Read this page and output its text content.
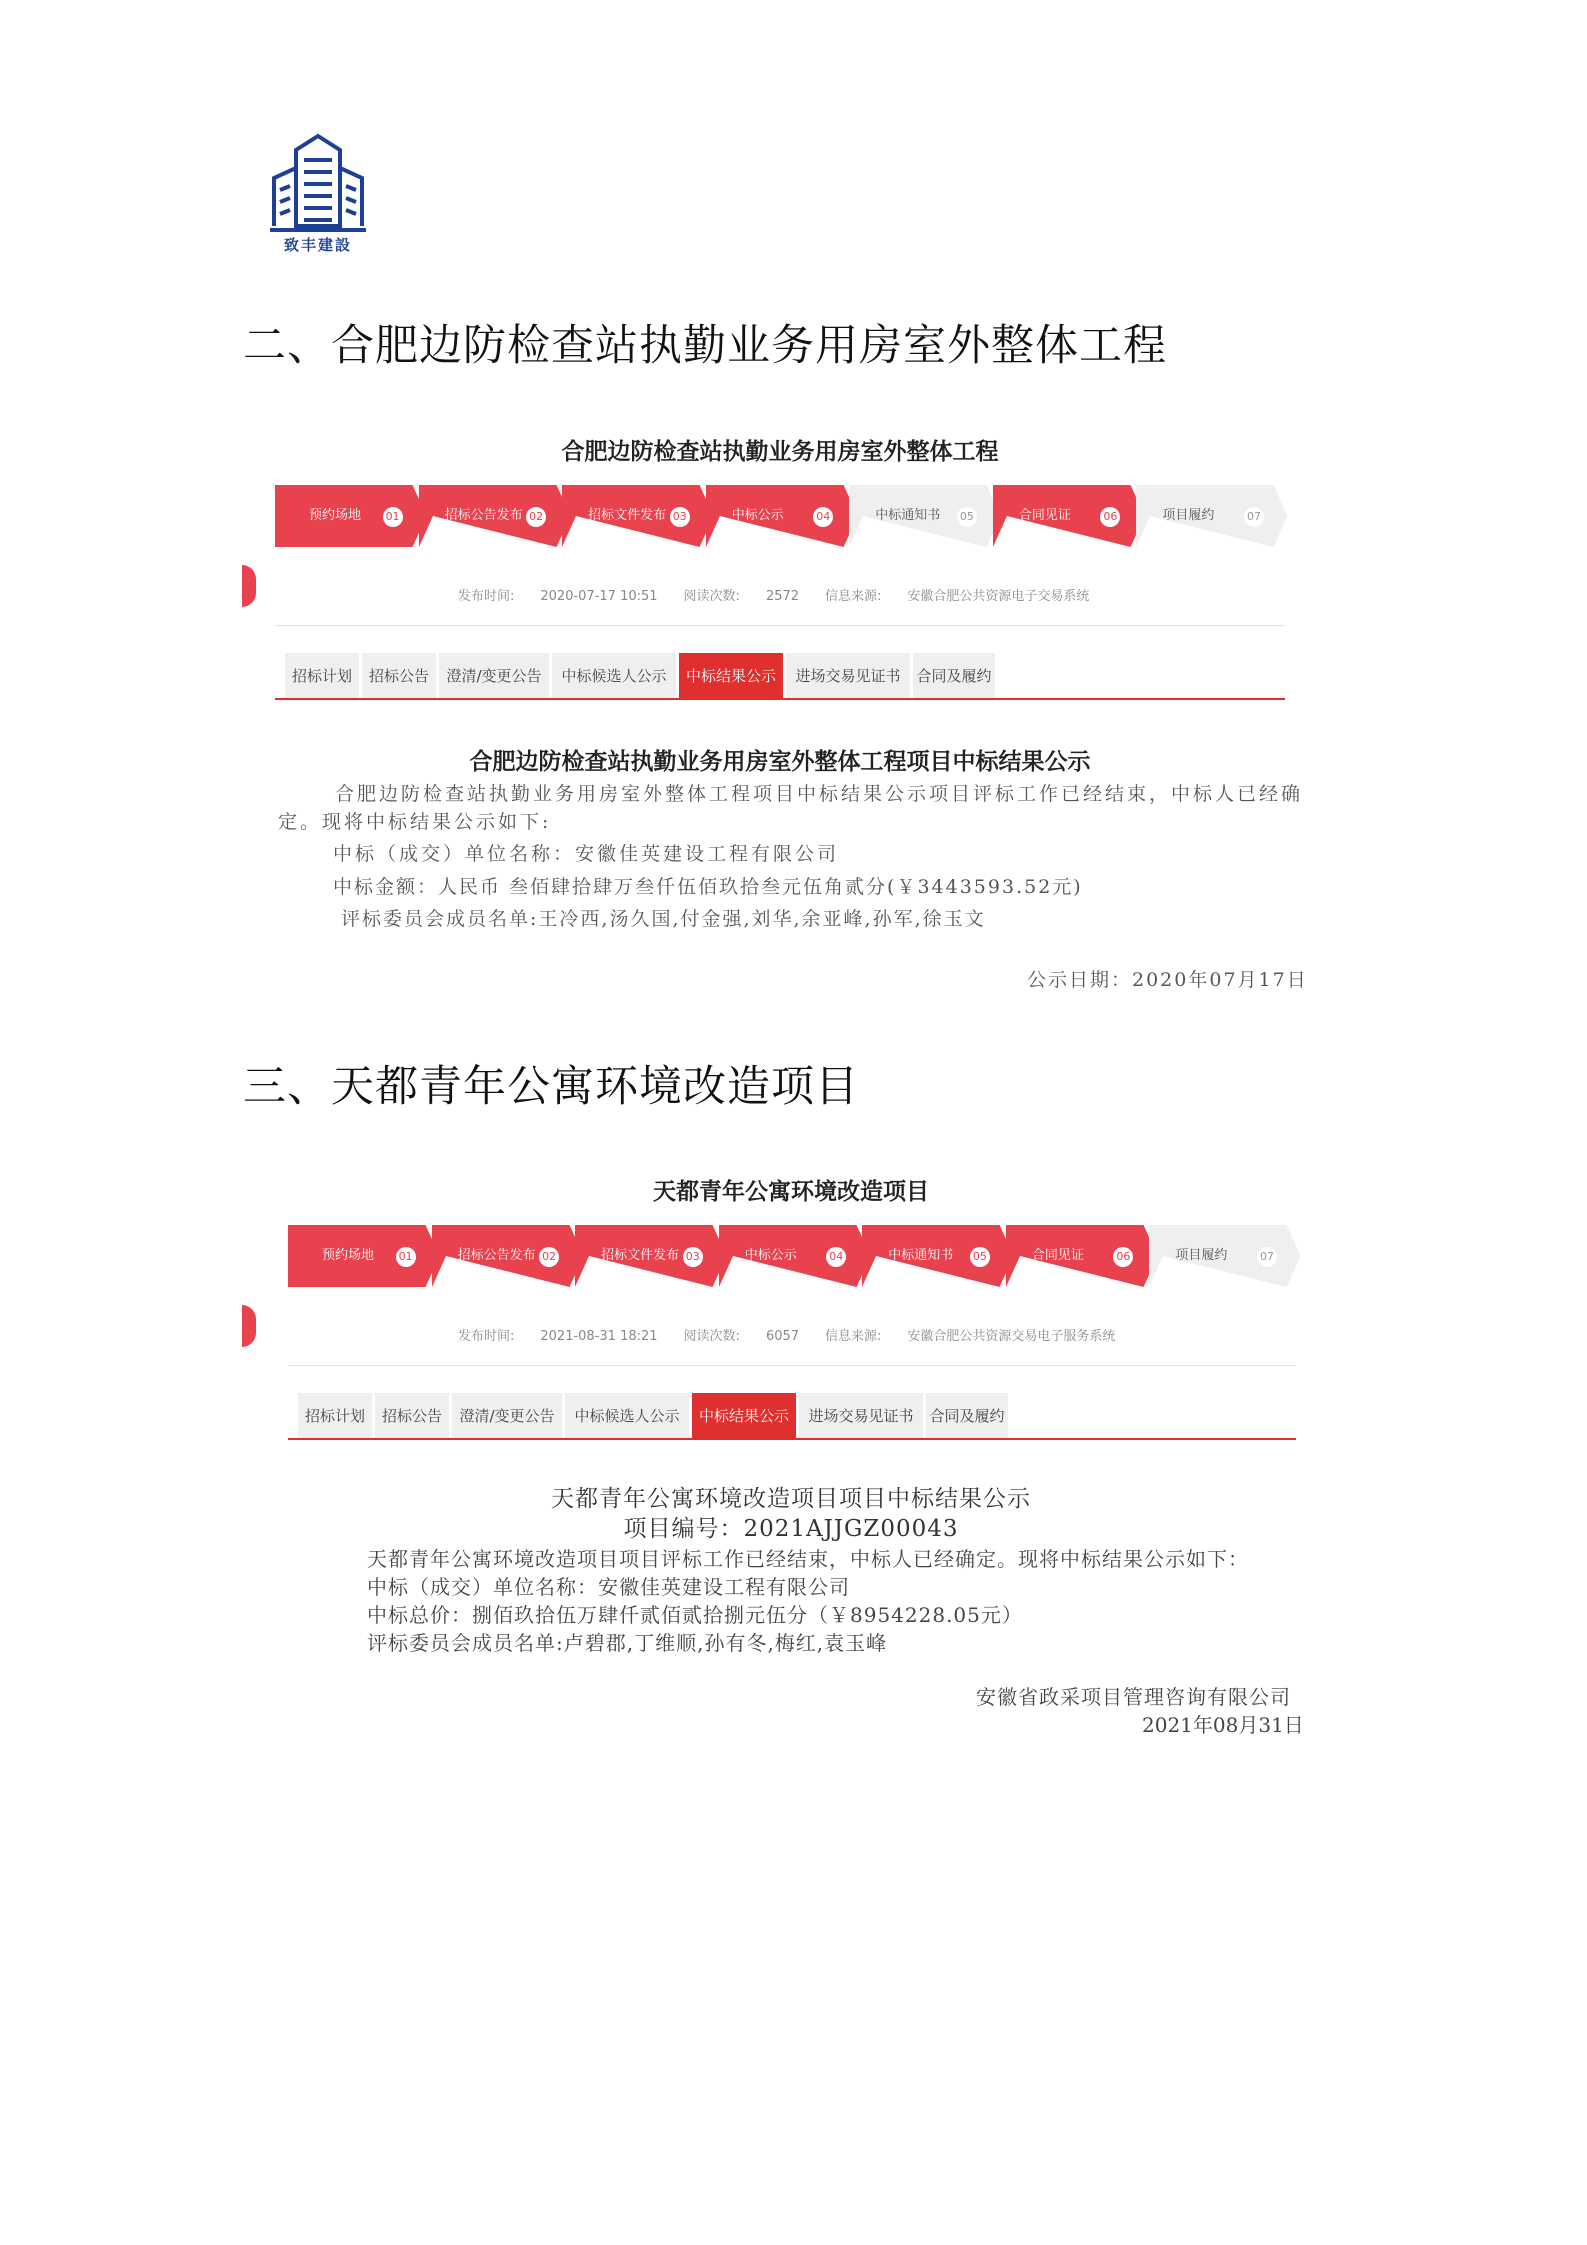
致丰建設
二、合肥边防检查站执勤业务用房室外整体工程
合肥边防检查站执勤业务用房室外整体工程
预约场地 01	招标公告发布 02	招标文件发布 03	中标公示	04	中标通知书 05	合同见证	06	项目履约	07
发布时间: 2020-07-17 10:51 阅读次数: 2572 信息来源: 安徽合肥公共资源电子交易系统
招标计划	招标公告	澄清/变更公告	中标候选人公示	中标结果公示	进场交易见证书	合同及履约
合肥边防检查站执勤业务用房室外整体工程项目中标结果公示
合肥边防检查站执勤业务用房室外整体工程项目中标结果公示项目评标工作已经结束，中标人已经确
定。现将中标结果公示如下:
中标（成交）单位名称：安徽佳英建设工程有限公司
中标金额：人民币 叁佰肆拾肆万叁仟伍佰玖拾叁元伍角贰分(￥3443593.52元)
评标委员会成员名单:王冷西,汤久国,付金强,刘华,余亚峰,孙军,徐玉文
公示日期：2020年07月17日
三、天都青年公寓环境改造项目
天都青年公寓环境改造项目
预约场地 01	招标公告发布 02	招标文件发布 03	中标公示	04	中标通知书 05	合同见证	06	项目履约	07
发布时间: 2021-08-31 18:21 阅读次数: 6057 信息来源: 安徽合肥公共资源交易电子服务系统
招标计划	招标公告	澄清/变更公告	中标候选人公示	中标结果公示	进场交易见证书	合同及履约
天都青年公寓环境改造项目项目中标结果公示
项目编号：2021AJJGZ00043
天都青年公寓环境改造项目项目评标工作已经结束，中标人已经确定。现将中标结果公示如下：
中标（成交）单位名称：安徽佳英建设工程有限公司
中标总价：捌佰玖拾伍万肆仟贰佰贰拾捌元伍分（￥8954228.05元）
评标委员会成员名单:卢碧郡,丁维顺,孙有冬,梅红,袁玉峰
安徽省政采项目管理咨询有限公司
2021年08月31日
